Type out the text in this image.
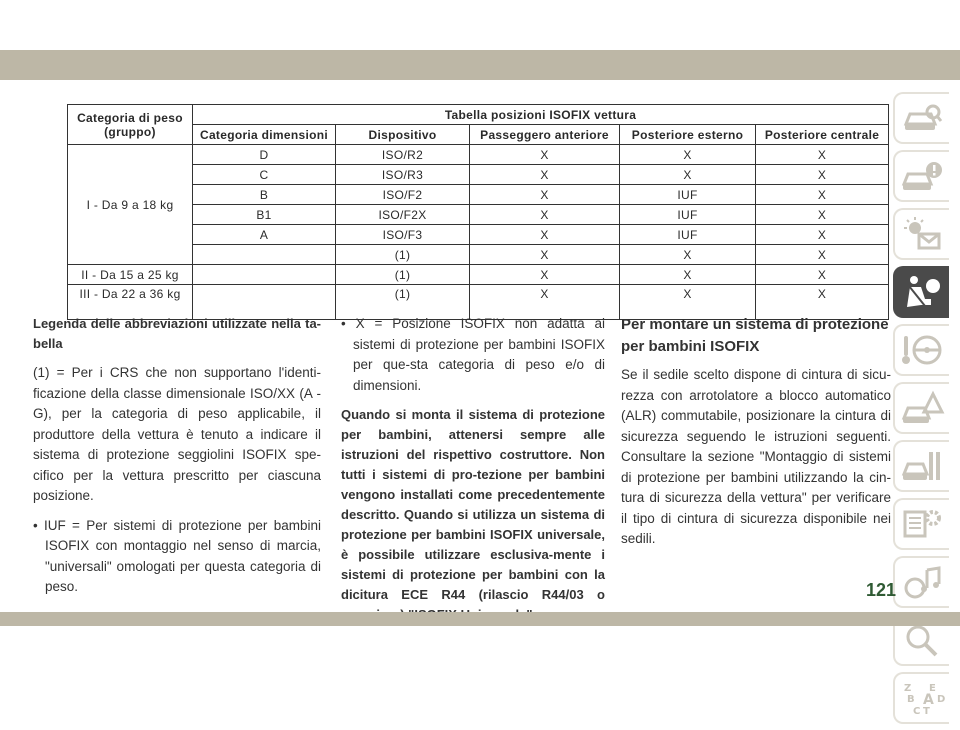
Categoria di peso (gruppo)	Tabella posizioni ISOFIX vettura				
	Categoria dimensioni	Dispositivo	Passeggero anteriore	Posteriore esterno	Posteriore centrale
I - Da 9 a 18 kg	D	ISO/R2	X	X	X
	C	ISO/R3	X	X	X
	B	ISO/F2	X	IUF	X
	B1	ISO/F2X	X	IUF	X
	A	ISO/F3	X	IUF	X
		(1)	X	X	X
II - Da 15 a 25 kg		(1)	X	X	X
III - Da 22 a 36 kg		(1)	X	X	X

Legenda delle abbreviazioni utilizzate nella ta-bella

(1) = Per i CRS che non supportano l'identi-ficazione della classe dimensionale ISO/XX (A - G), per la categoria di peso applicabile, il produttore della vettura è tenuto a indicare il sistema di protezione seggiolini ISOFIX spe-cifico per la vettura prescritto per ciascuna posizione.

• IUF = Per sistemi di protezione per bambini ISOFIX con montaggio nel senso di marcia, "universali" omologati per questa categoria di peso.

• X = Posizione ISOFIX non adatta ai sistemi di protezione per bambini ISOFIX per que-sta categoria di peso e/o di dimensioni.

Quando si monta il sistema di protezione per bambini, attenersi sempre alle istruzioni del rispettivo costruttore. Non tutti i sistemi di pro-tezione per bambini vengono installati come precedentemente descritto. Quando si utilizza un sistema di protezione per bambini ISOFIX universale, è possibile utilizzare esclusiva-mente i sistemi di protezione per bambini con la dicitura ECE R44 (rilascio R44/03 o

Per montare un sistema di protezione per bambini ISOFIX

Se il sedile scelto dispone di cintura di sicu-rezza con arrotolatore a blocco automatico (ALR) commutabile, posizionare la cintura di sicurezza seguendo le istruzioni seguenti. Consultare la sezione "Montaggio di sistemi di protezione per bambini utilizzando la cin-tura di sicurezza della vettura" per verificare il tipo di cintura di sicurezza disponibile nei sedili.

Z E
B A D
C T
121
